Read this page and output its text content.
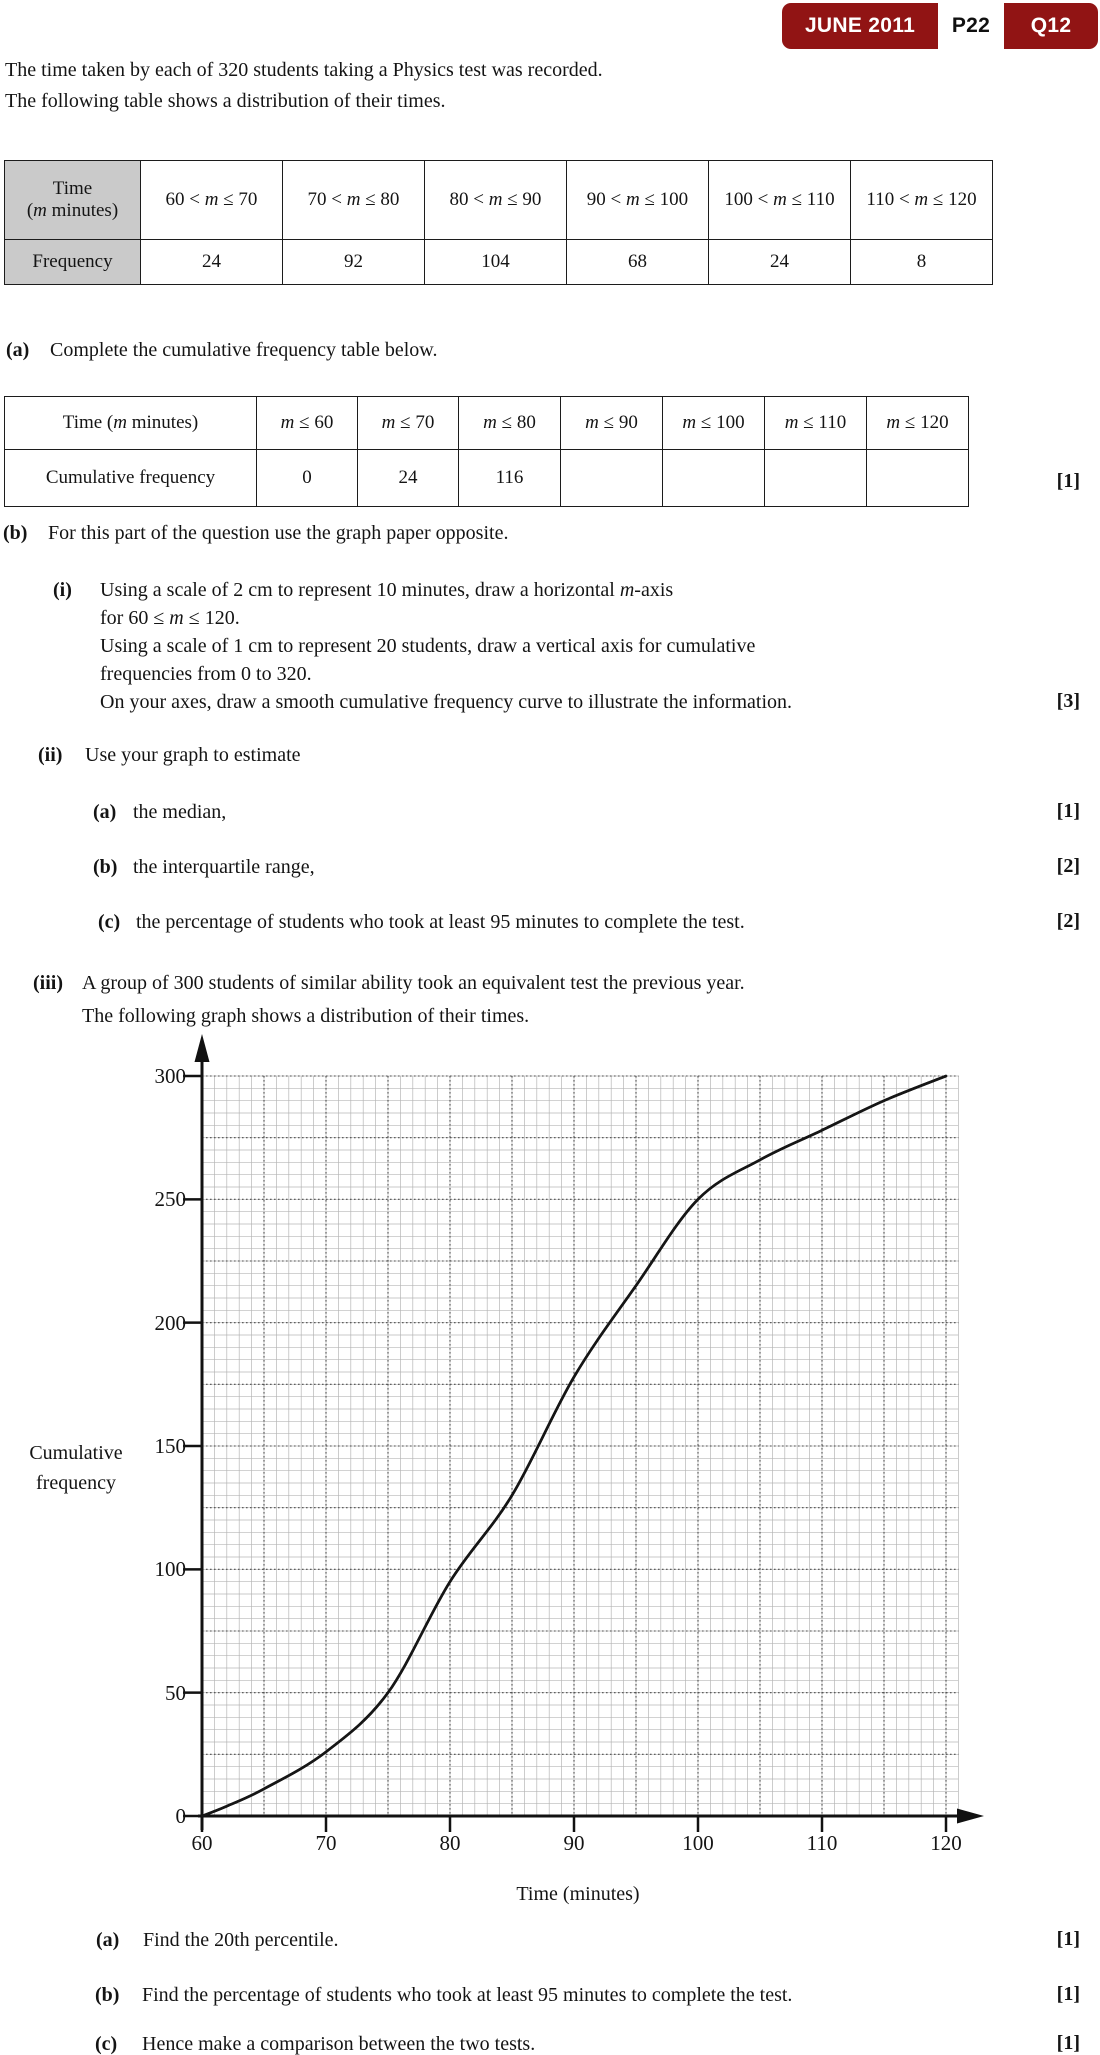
JUNE 2011	P22	Q12
The time taken by each of 320 students taking a Physics test was recorded.
The following table shows a distribution of their times.
Time
(m minutes)	60 < m ≤ 70	70 < m ≤ 80	80 < m ≤ 90	90 < m ≤ 100	100 < m ≤ 110	110 < m ≤ 120
Frequency	24	92	104	68	24	8
(a) Complete the cumulative frequency table below.
Time (m minutes)	m ≤ 60	m ≤ 70	m ≤ 80	m ≤ 90	m ≤ 100	m ≤ 110	m ≤ 120
Cumulative frequency	0	24	116					[1]
(b) For this part of the question use the graph paper opposite.
(i) Using a scale of 2 cm to represent 10 minutes, draw a horizontal m-axis
for 60 ≤ m ≤ 120.
Using a scale of 1 cm to represent 20 students, draw a vertical axis for cumulative
frequencies from 0 to 320.
On your axes, draw a smooth cumulative frequency curve to illustrate the information.	[3]
(ii) Use your graph to estimate
(a) the median,	[1]
(b) the interquartile range,	[2]
(c) the percentage of students who took at least 95 minutes to complete the test.	[2]
(iii) A group of 300 students of similar ability took an equivalent test the previous year.
The following graph shows a distribution of their times.
Cumulative
frequency
Time (minutes)
(a) Find the 20th percentile.	[1]
(b) Find the percentage of students who took at least 95 minutes to complete the test.	[1]
(c) Hence make a comparison between the two tests.	[1]
0
50
100
150
200
250
300
60	70	80	90	100	110	120
